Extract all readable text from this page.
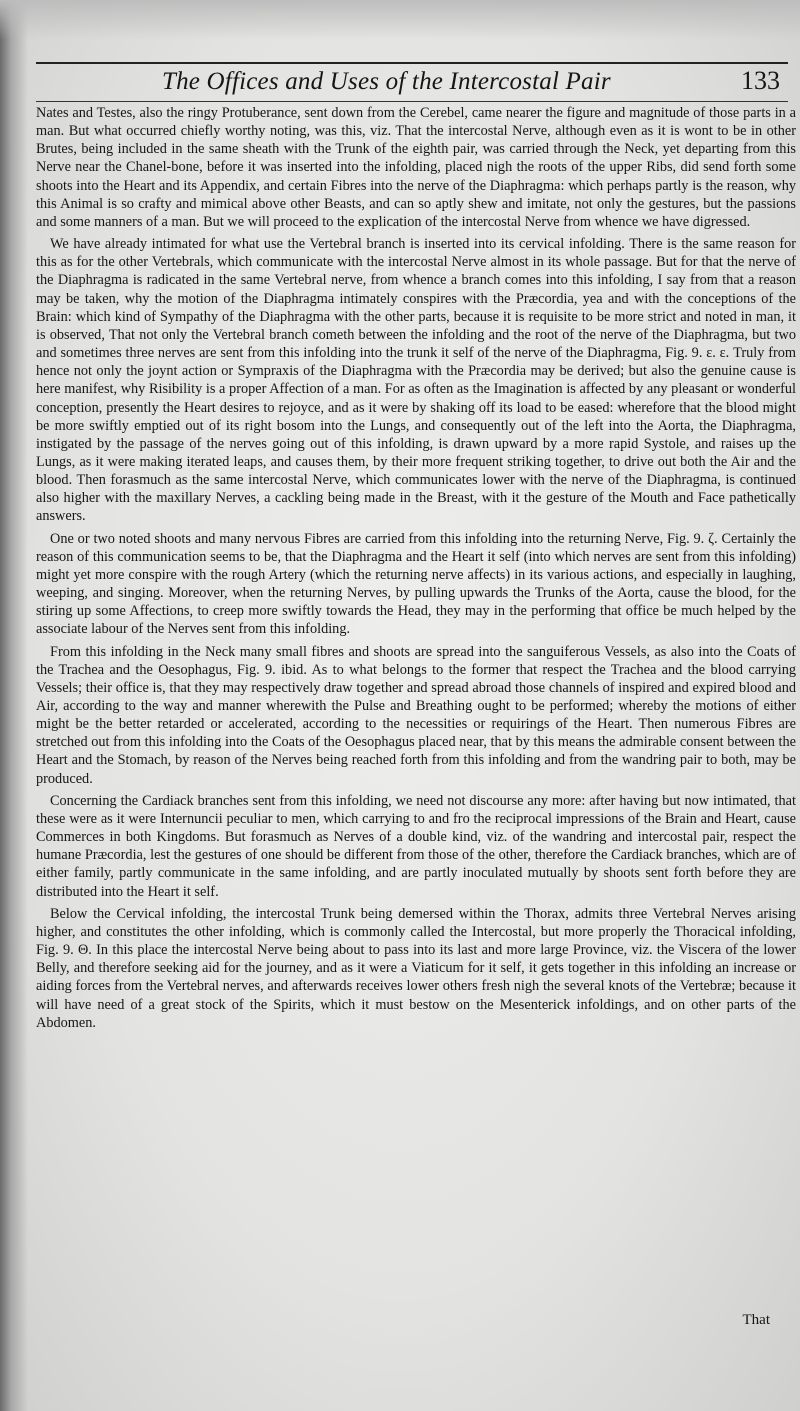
The Offices and Uses of the Intercostal Pair	133

Nates and Testes, also the ringy Protuberance, sent down from the Cerebel, came nearer the figure and magnitude of those parts in a man. But what occurred chiefly worthy noting, was this, viz. That the intercostal Nerve, although even as it is wont to be in other Brutes, being included in the same sheath with the Trunk of the eighth pair, was carried through the Neck, yet departing from this Nerve near the Chanel-bone, before it was inserted into the infolding, placed nigh the roots of the upper Ribs, did send forth some shoots into the Heart and its Appendix, and certain Fibres into the nerve of the Diaphragma: which perhaps partly is the reason, why this Animal is so crafty and mimical above other Beasts, and can so aptly shew and imitate, not only the gestures, but the passions and some manners of a man. But we will proceed to the explication of the intercostal Nerve from whence we have digressed.

We have already intimated for what use the Vertebral branch is inserted into its cervical infolding. There is the same reason for this as for the other Vertebrals, which communicate with the intercostal Nerve almost in its whole passage. But for that the nerve of the Diaphragma is radicated in the same Vertebral nerve, from whence a branch comes into this infolding, I say from that a reason may be taken, why the motion of the Diaphragma intimately conspires with the Præcordia, yea and with the conceptions of the Brain: which kind of Sympathy of the Diaphragma with the other parts, because it is requisite to be more strict and noted in man, it is observed, That not only the Vertebral branch cometh between the infolding and the root of the nerve of the Diaphragma, but two and sometimes three nerves are sent from this infolding into the trunk it self of the nerve of the Diaphragma, Fig. 9. ε. ε. Truly from hence not only the joynt action or Sympraxis of the Diaphragma with the Præcordia may be derived; but also the genuine cause is here manifest, why Risibility is a proper Affection of a man. For as often as the Imagination is affected by any pleasant or wonderful conception, presently the Heart desires to rejoyce, and as it were by shaking off its load to be eased: wherefore that the blood might be more swiftly emptied out of its right bosom into the Lungs, and consequently out of the left into the Aorta, the Diaphragma, instigated by the passage of the nerves going out of this infolding, is drawn upward by a more rapid Systole, and raises up the Lungs, as it were making iterated leaps, and causes them, by their more frequent striking together, to drive out both the Air and the blood. Then forasmuch as the same intercostal Nerve, which communicates lower with the nerve of the Diaphragma, is continued also higher with the maxillary Nerves, a cackling being made in the Breast, with it the gesture of the Mouth and Face pathetically answers.

One or two noted shoots and many nervous Fibres are carried from this infolding into the returning Nerve, Fig. 9. ζ. Certainly the reason of this communication seems to be, that the Diaphragma and the Heart it self (into which nerves are sent from this infolding) might yet more conspire with the rough Artery (which the returning nerve affects) in its various actions, and especially in laughing, weeping, and singing. Moreover, when the returning Nerves, by pulling upwards the Trunks of the Aorta, cause the blood, for the stiring up some Affections, to creep more swiftly towards the Head, they may in the performing that office be much helped by the associate labour of the Nerves sent from this infolding.

From this infolding in the Neck many small fibres and shoots are spread into the sanguiferous Vessels, as also into the Coats of the Trachea and the Oesophagus, Fig. 9. ibid. As to what belongs to the former that respect the Trachea and the blood carrying Vessels; their office is, that they may respectively draw together and spread abroad those channels of inspired and expired blood and Air, according to the way and manner wherewith the Pulse and Breathing ought to be performed; whereby the motions of either might be the better retarded or accelerated, according to the necessities or requirings of the Heart. Then numerous Fibres are stretched out from this infolding into the Coats of the Oesophagus placed near, that by this means the admirable consent between the Heart and the Stomach, by reason of the Nerves being reached forth from this infolding and from the wandring pair to both, may be produced.

Concerning the Cardiack branches sent from this infolding, we need not discourse any more: after having but now intimated, that these were as it were Internuncii peculiar to men, which carrying to and fro the reciprocal impressions of the Brain and Heart, cause Commerces in both Kingdoms. But forasmuch as Nerves of a double kind, viz. of the wandring and intercostal pair, respect the humane Præcordia, lest the gestures of one should be different from those of the other, therefore the Cardiack branches, which are of either family, partly communicate in the same infolding, and are partly inoculated mutually by shoots sent forth before they are distributed into the Heart it self.

Below the Cervical infolding, the intercostal Trunk being demersed within the Thorax, admits three Vertebral Nerves arising higher, and constitutes the other infolding, which is commonly called the Intercostal, but more properly the Thoracical infolding, Fig. 9. Θ. In this place the intercostal Nerve being about to pass into its last and more large Province, viz. the Viscera of the lower Belly, and therefore seeking aid for the journey, and as it were a Viaticum for it self, it gets together in this infolding an increase or aiding forces from the Vertebral nerves, and afterwards receives lower others fresh nigh the several knots of the Vertebræ; because it will have need of a great stock of the Spirits, which it must bestow on the Mesenterick infoldings, and on other parts of the Abdomen.

That
